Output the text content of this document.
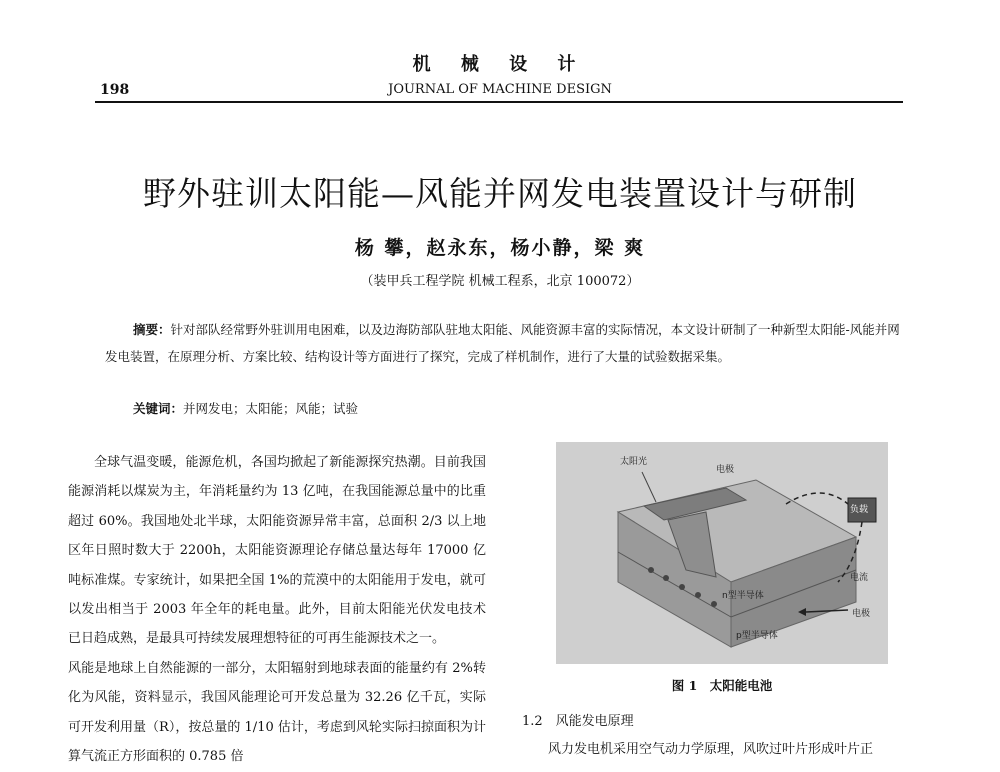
机 械 设 计
198	JOURNAL OF MACHINE DESIGN
野外驻训太阳能—风能并网发电装置设计与研制
杨 攀，赵永东，杨小静，梁 爽
（装甲兵工程学院 机械工程系，北京 100072）
摘要：针对部队经常野外驻训用电困难，以及边海防部队驻地太阳能、风能资源丰富的实际情况，本文设计研制了一种新型太阳能-风能并网发电装置，在原理分析、方案比较、结构设计等方面进行了探究，完成了样机制作，进行了大量的试验数据采集。
关键词：并网发电；太阳能；风能；试验
全球气温变暖，能源危机，各国均掀起了新能源探究热潮。目前我国能源消耗以煤炭为主，年消耗量约为 13 亿吨，在我国能源总量中的比重超过 60%。我国地处北半球，太阳能资源异常丰富，总面积 2/3 以上地区年日照时数大于 2200h，太阳能资源理论存储总量达每年 17000 亿吨标准煤。专家统计，如果把全国 1%的荒漠中的太阳能用于发电，就可以发出相当于 2003 年全年的耗电量。此外，目前太阳能光伏发电技术已日趋成熟，是最具可持续发展理想特征的可再生能源技术之一。
风能是地球上自然能源的一部分，太阳辐射到地球表面的能量约有 2%转化为风能，资料显示，我国风能理论可开发总量为 32.26 亿千瓦，实际可开发利用量（R），按总量的 1/10 估计，考虑到风轮实际扫掠面积为计算气流正方形面积的 0.785 倍
太阳光
电极
负载
电流
n型半导体
电极
p型半导体
图 1　太阳能电池
1.2　风能发电原理
风力发电机采用空气动力学原理，风吹过叶片形成叶片正
